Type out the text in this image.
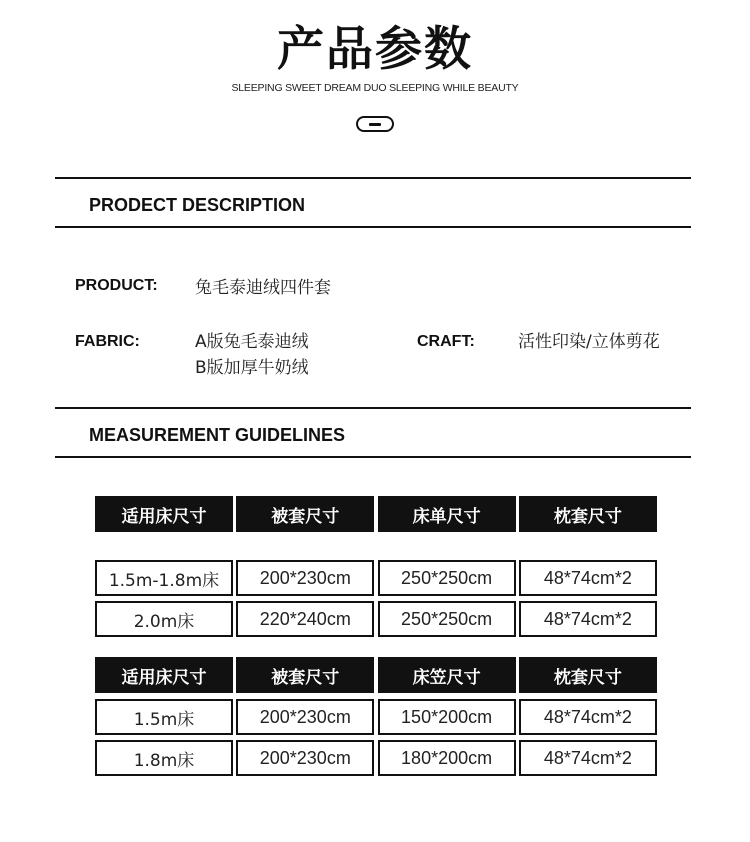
产品参数
SLEEPING SWEET DREAM DUO SLEEPING WHILE BEAUTY
PRODECT DESCRIPTION
PRODUCT: 兔毛泰迪绒四件套
FABRIC:	A版兔毛泰迪绒
B版加厚牛奶绒
CRAFT:	活性印染/立体剪花
MEASUREMENT GUIDELINES
适用床尺寸	被套尺寸	床单尺寸	枕套尺寸
1.5m-1.8m床	200*230cm	250*250cm	48*74cm*2
2.0m床	220*240cm	250*250cm	48*74cm*2
适用床尺寸	被套尺寸	床笠尺寸	枕套尺寸
1.5m床	200*230cm	150*200cm	48*74cm*2
1.8m床	200*230cm	180*200cm	48*74cm*2
